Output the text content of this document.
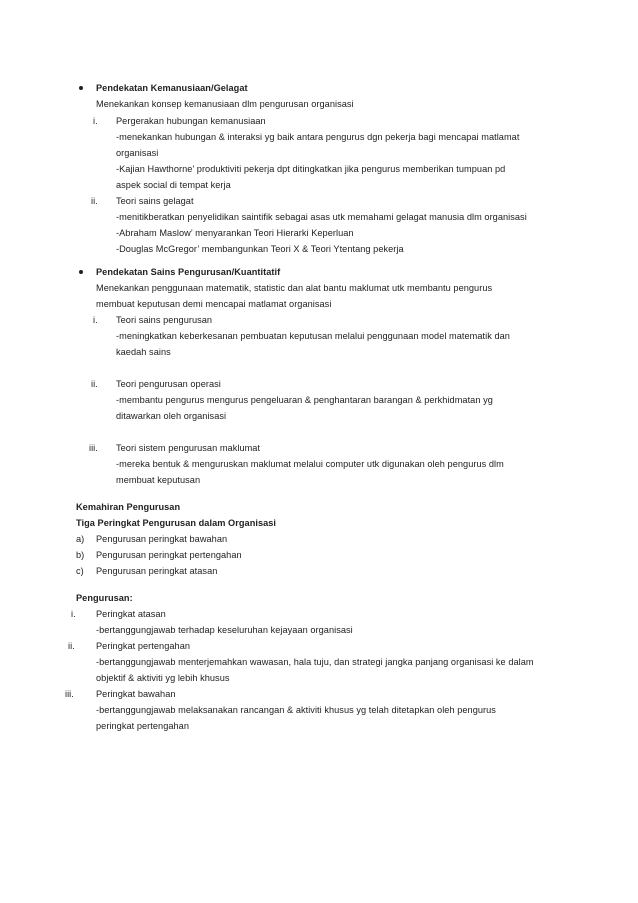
Pendekatan Kemanusiaan/Gelagat
Menekankan konsep kemanusiaan dlm pengurusan organisasi
i. Pergerakan hubungan kemanusiaan
-menekankan hubungan & interaksi yg baik antara pengurus dgn pekerja bagi mencapai matlamat
organisasi
-Kajian Hawthorne’ produktiviti pekerja dpt ditingkatkan jika pengurus memberikan tumpuan pd
aspek social di tempat kerja
ii. Teori sains gelagat
-menitikberatkan penyelidikan saintifik sebagai asas utk memahami gelagat manusia dlm organisasi
-Abraham Maslow’ menyarankan Teori Hierarki Keperluan
-Douglas McGregor’ membangunkan Teori X & Teori Ytentang pekerja
Pendekatan Sains Pengurusan/Kuantitatif
Menekankan penggunaan matematik, statistic dan alat bantu maklumat utk membantu pengurus
membuat keputusan demi mencapai matlamat organisasi
i. Teori sains pengurusan
-meningkatkan keberkesanan pembuatan keputusan melalui penggunaan model matematik dan
kaedah sains
ii. Teori pengurusan operasi
-membantu pengurus mengurus pengeluaran & penghantaran barangan & perkhidmatan yg
ditawarkan oleh organisasi
iii. Teori sistem pengurusan maklumat
-mereka bentuk & menguruskan maklumat melalui computer utk digunakan oleh pengurus dlm
membuat keputusan
Kemahiran Pengurusan
Tiga Peringkat Pengurusan dalam Organisasi
a) Pengurusan peringkat bawahan
b) Pengurusan peringkat pertengahan
c) Pengurusan peringkat atasan
Pengurusan:
i. Peringkat atasan
-bertanggungjawab terhadap keseluruhan kejayaan organisasi
ii. Peringkat pertengahan
-bertanggungjawab menterjemahkan wawasan, hala tuju, dan strategi jangka panjang organisasi ke dalam
objektif & aktiviti yg lebih khusus
iii. Peringkat bawahan
-bertanggungjawab melaksanakan rancangan & aktiviti khusus yg telah ditetapkan oleh pengurus
peringkat pertengahan
